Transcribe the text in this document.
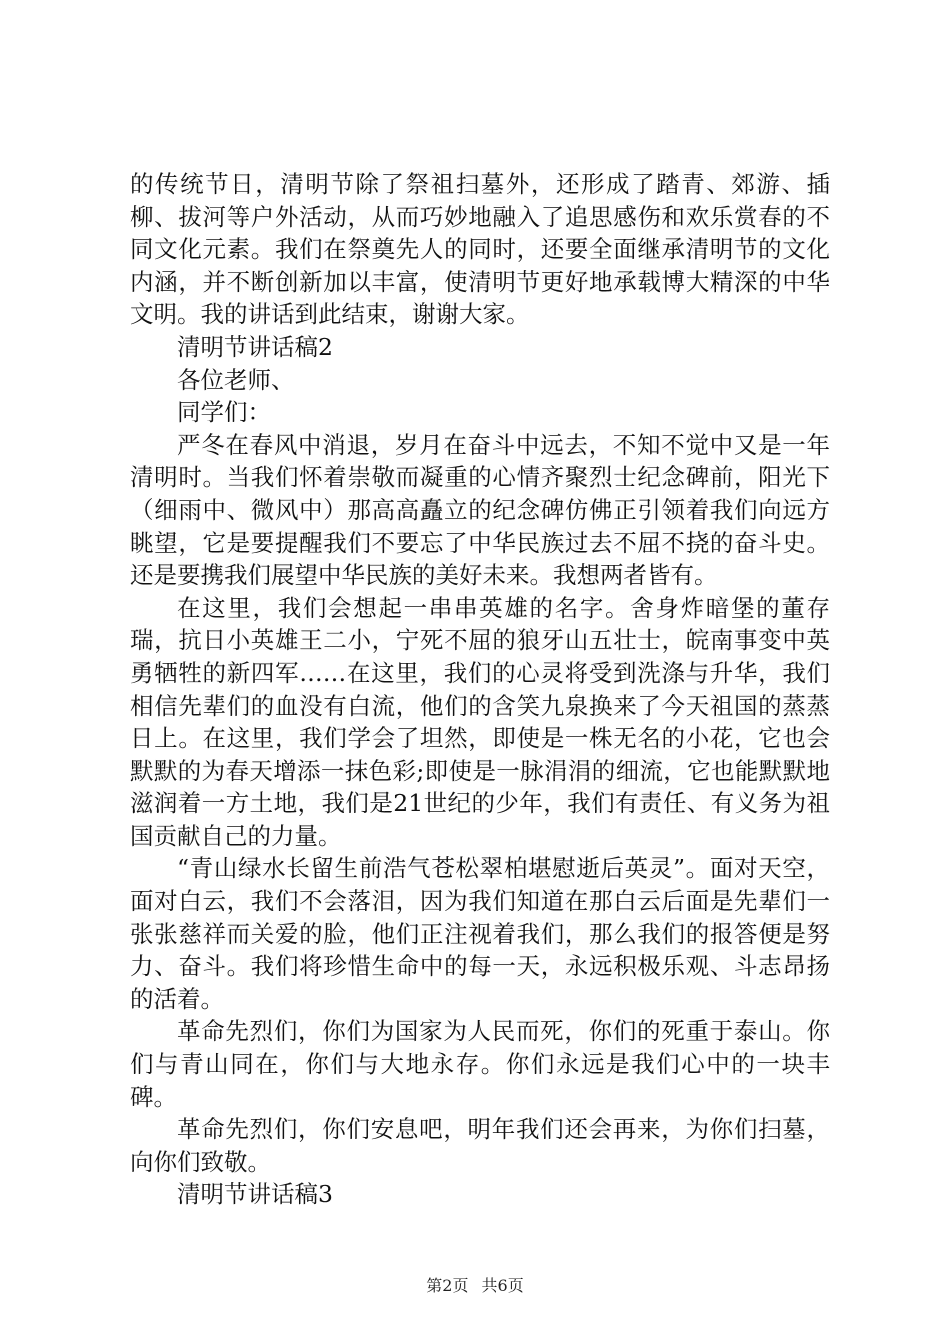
的传统节日，清明节除了祭祖扫墓外，还形成了踏青、郊游、插柳、拔河等户外活动，从而巧妙地融入了追思感伤和欢乐赏春的不同文化元素。我们在祭奠先人的同时，还要全面继承清明节的文化内涵，并不断创新加以丰富，使清明节更好地承载博大精深的中华文明。我的讲话到此结束，谢谢大家。

清明节讲话稿2

各位老师、

同学们：

严冬在春风中消退，岁月在奋斗中远去，不知不觉中又是一年清明时。当我们怀着崇敬而凝重的心情齐聚烈士纪念碑前，阳光下（细雨中、微风中）那高高矗立的纪念碑仿佛正引领着我们向远方眺望，它是要提醒我们不要忘了中华民族过去不屈不挠的奋斗史。还是要携我们展望中华民族的美好未来。我想两者皆有。

在这里，我们会想起一串串英雄的名字。舍身炸暗堡的董存瑞，抗日小英雄王二小，宁死不屈的狼牙山五壮士，皖南事变中英勇牺牲的新四军……在这里，我们的心灵将受到洗涤与升华，我们相信先辈们的血没有白流，他们的含笑九泉换来了今天祖国的蒸蒸日上。在这里，我们学会了坦然，即使是一株无名的小花，它也会默默的为春天增添一抹色彩;即使是一脉涓涓的细流，它也能默默地滋润着一方土地，我们是21世纪的少年，我们有责任、有义务为祖国贡献自己的力量。

“青山绿水长留生前浩气苍松翠柏堪慰逝后英灵”。面对天空，面对白云，我们不会落泪，因为我们知道在那白云后面是先辈们一张张慈祥而关爱的脸，他们正注视着我们，那么我们的报答便是努力、奋斗。我们将珍惜生命中的每一天，永远积极乐观、斗志昂扬的活着。

革命先烈们，你们为国家为人民而死，你们的死重于泰山。你们与青山同在，你们与大地永存。你们永远是我们心中的一块丰碑。

革命先烈们，你们安息吧，明年我们还会再来，为你们扫墓，向你们致敬。

清明节讲话稿3

第2页 共6页
